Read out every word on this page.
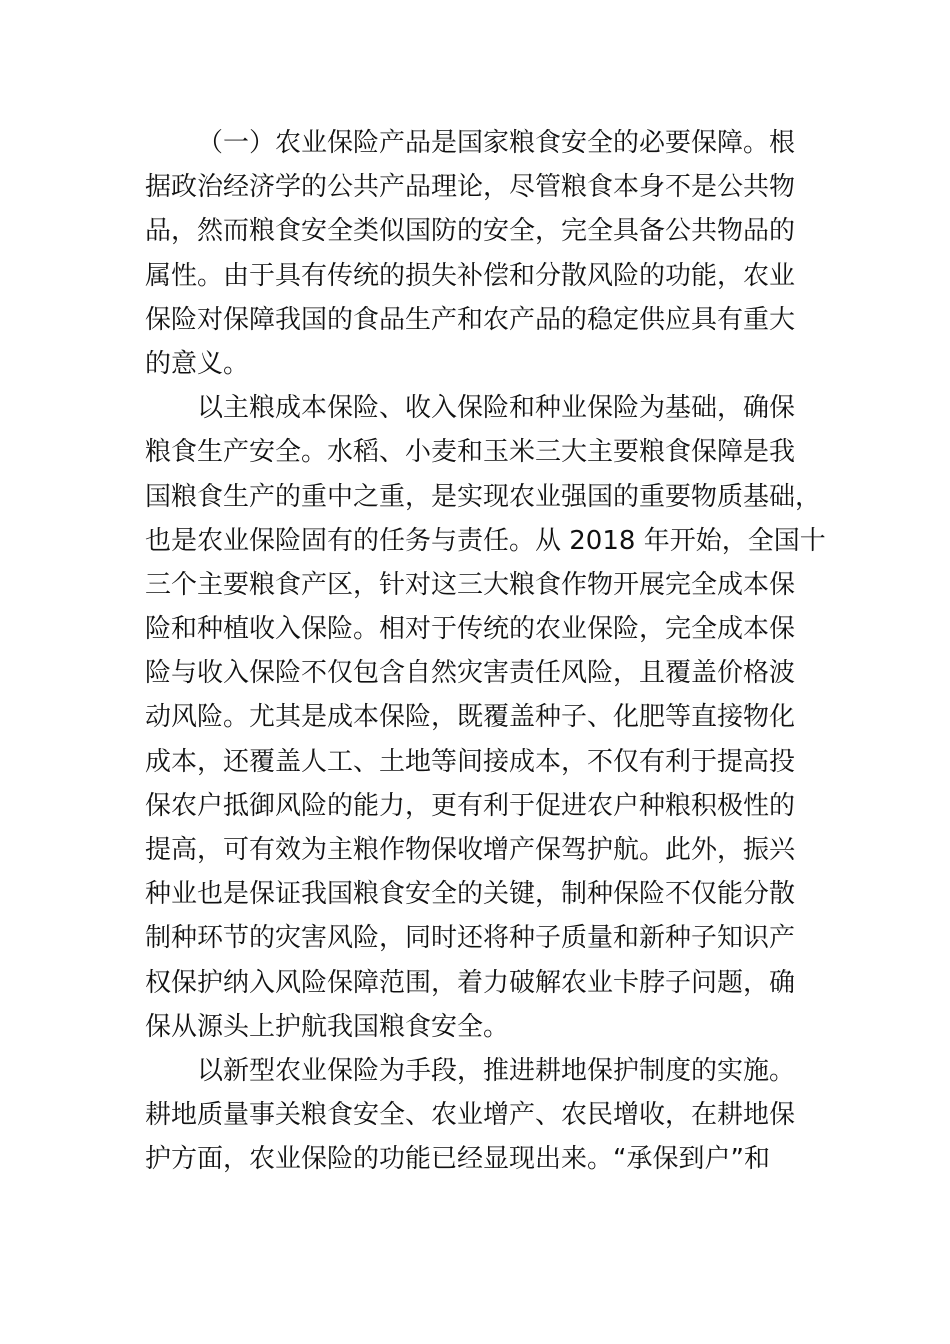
（一）农业保险产品是国家粮食安全的必要保障。根
据政治经济学的公共产品理论，尽管粮食本身不是公共物
品，然而粮食安全类似国防的安全，完全具备公共物品的
属性。由于具有传统的损失补偿和分散风险的功能，农业
保险对保障我国的食品生产和农产品的稳定供应具有重大
的意义。

以主粮成本保险、收入保险和种业保险为基础，确保
粮食生产安全。水稻、小麦和玉米三大主要粮食保障是我
国粮食生产的重中之重，是实现农业强国的重要物质基础，
也是农业保险固有的任务与责任。从 2018 年开始，全国十
三个主要粮食产区，针对这三大粮食作物开展完全成本保
险和种植收入保险。相对于传统的农业保险，完全成本保
险与收入保险不仅包含自然灾害责任风险，且覆盖价格波
动风险。尤其是成本保险，既覆盖种子、化肥等直接物化
成本，还覆盖人工、土地等间接成本，不仅有利于提高投
保农户抵御风险的能力，更有利于促进农户种粮积极性的
提高，可有效为主粮作物保收增产保驾护航。此外，振兴
种业也是保证我国粮食安全的关键，制种保险不仅能分散
制种环节的灾害风险，同时还将种子质量和新种子知识产
权保护纳入风险保障范围，着力破解农业卡脖子问题，确
保从源头上护航我国粮食安全。

以新型农业保险为手段，推进耕地保护制度的实施。
耕地质量事关粮食安全、农业增产、农民增收，在耕地保
护方面，农业保险的功能已经显现出来。“承保到户”和
